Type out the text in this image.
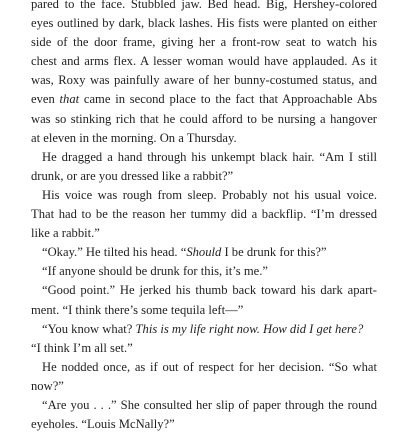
pared to the face. Stubbled jaw. Bed head. Big, Hershey-colored
eyes outlined by dark, black lashes. His fists were planted on either
side of the door frame, giving her a front-row seat to watch his
chest and arms flex. A lesser woman would have applauded. As it
was, Roxy was painfully aware of her bunny-costumed status, and
even that came in second place to the fact that Approachable Abs
was so stinking rich that he could afford to be nursing a hangover
at eleven in the morning. On a Thursday.
He dragged a hand through his unkempt black hair. “Am I still
drunk, or are you dressed like a rabbit?”
His voice was rough from sleep. Probably not his usual voice.
That had to be the reason her tummy did a backflip. “I’m dressed
like a rabbit.”
“Okay.” He tilted his head. “Should I be drunk for this?”
“If anyone should be drunk for this, it’s me.”
“Good point.” He jerked his thumb back toward his dark apart-
ment. “I think there’s some tequila left—”
“You know what? This is my life right now. How did I get here?
“I think I’m all set.”
He nodded once, as if out of respect for her decision. “So what
now?”
“Are you . . .” She consulted her slip of paper through the round
eyeholes. “Louis McNally?”
